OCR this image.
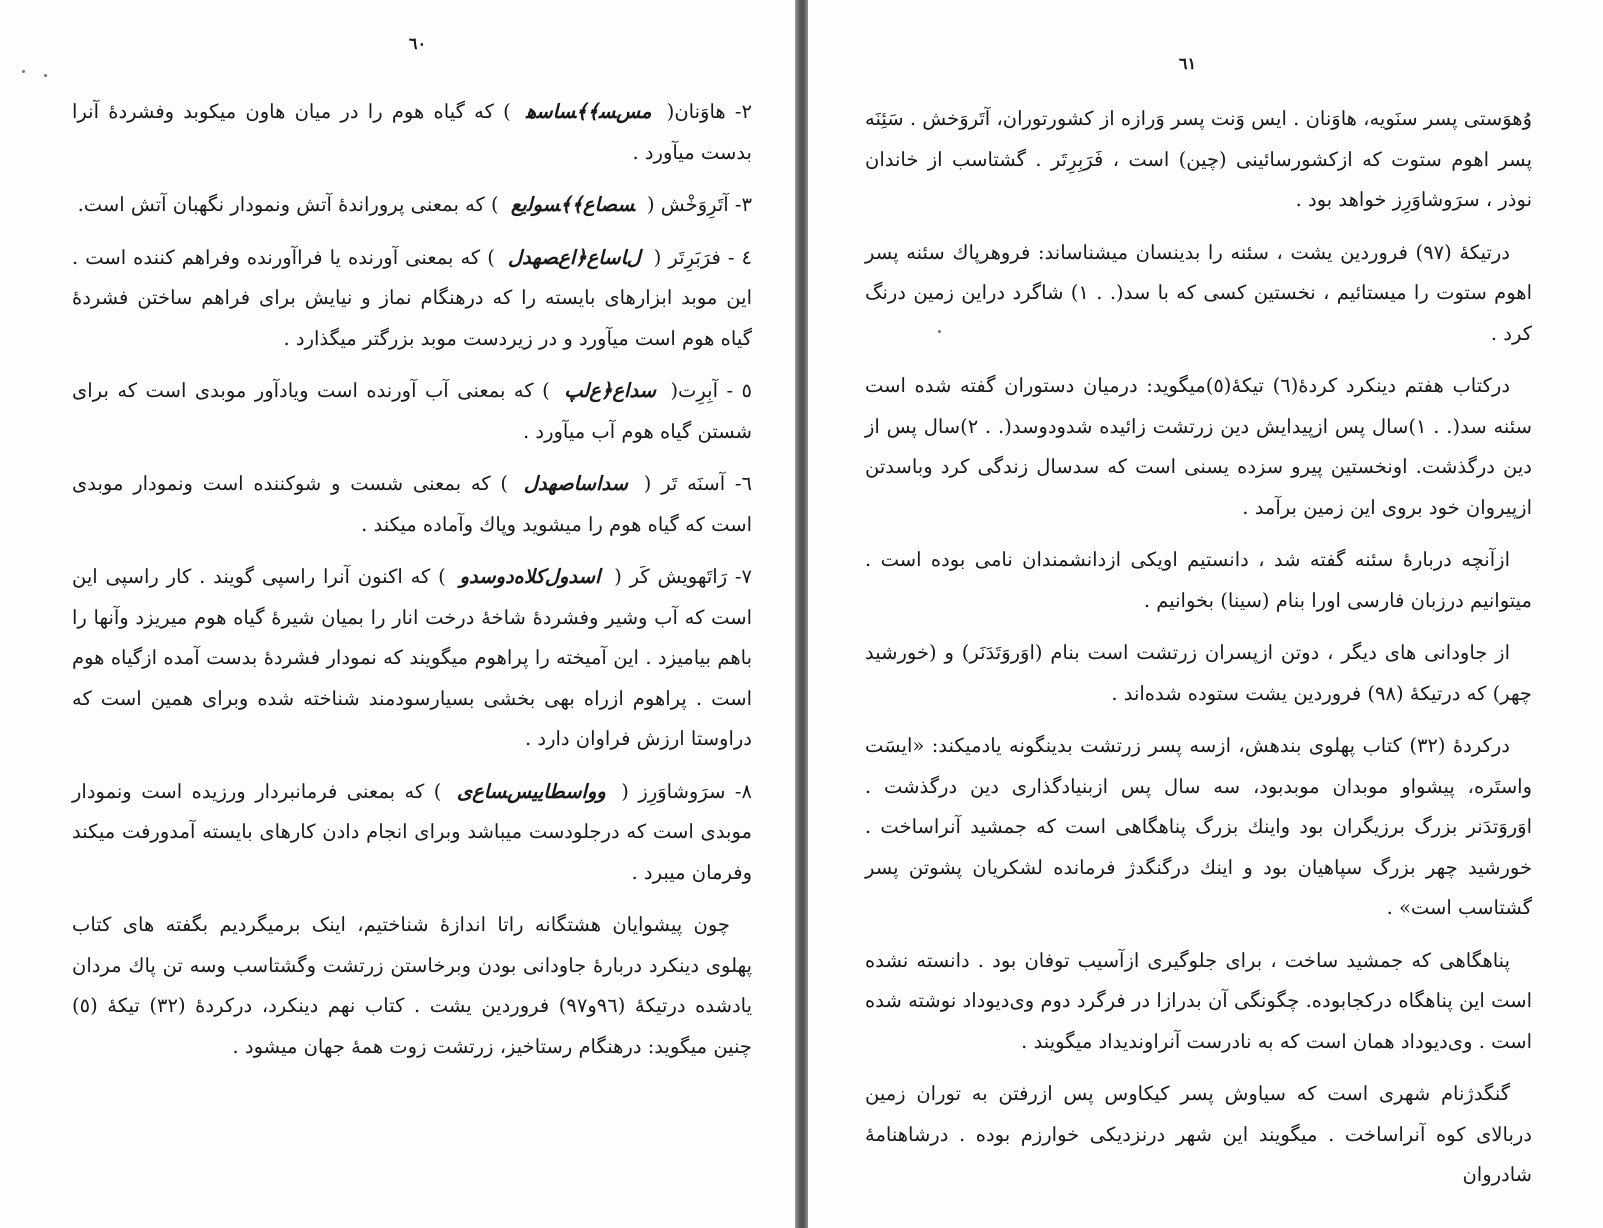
٦٠

٢- هاوَنان( ﻣﺲﺴ﴾﴾ﺴﺎﺳﻫ ) که گیاه هوم را در میان هاون میکوبد وفشردهٔ آنرا بدست میآورد .

٣- آتَرِوَخْش ( ﺴﺼﺎﻉ﴾﴾ﺴﻮﻟﻳﻊ ) که بمعنی پروراندهٔ آتش ونمودار نگهبان آتش است.

٤ - فرَبَرِتَر ( ﻝﺎﺳﺎﻉ﴿ﺍﻉﺼﻬﺪﻝ ) که بمعنی آورنده یا فراآورنده وفراهم کننده است . این موبد ابزارهای بایسته را که درهنگام نماز و نیایش برای فراهم ساختن فشردهٔ گیاه هوم است میآورد و در زیردست موبد بزرگتر میگذارد .

٥ - آبِرِت( ﺳﺪﺍﻉ﴿ﻉﻟﭗ ) که بمعنی آب آورنده است ویادآور موبدی است که برای شستن گیاه هوم آب میآورد .

٦- آسنَه تَر ( ﺳﺪﺍﺳﺎﺻﻬﺪﻝ ) که بمعنی شست و شوکننده است ونمودار موبدی است که گیاه هوم را میشوید وپاك وآماده میکند .

٧- رَاتَهویش کَر ( ﺍﺳﺪﻭﻝﻛﻼﻩﺩﻭﺳﺪﻭ ) که اکنون آنرا راسپی گویند . کار راسپی این است که آب وشیر وفشردهٔ شاخهٔ درخت انار را بمیان شیرهٔ گیاه هوم میریزد وآنها را باهم بیامیزد . این آمیخته را پراهوم میگویند که نمودار فشردهٔ بدست آمده ازگیاه هوم است . پراهوم ازراه بهی بخشی بسیارسودمند شناخته شده وبرای همین است که دراوستا ارزش فراوان دارد .

٨- سرَوشاوَرِز ( ﻭﻭﺍﺳﻄﺎﻳﻴﺲﺴﺎﻉﻯ ) که بمعنی فرمانبردار ورزیده است ونمودار موبدی است که درجلودست میباشد وبرای انجام دادن کارهای بایسته آمدورفت میکند وفرمان میبرد .

چون پیشوایان هشتگانه راتا اندازهٔ شناختیم، اینک برمیگردیم بگفته های کتاب پهلوی دینکرد دربارهٔ جاودانی بودن وبرخاستن زرتشت وگشتاسب وسه تن پاك مردان یادشده درتیکهٔ (٩٦و٩٧) فروردین یشت . کتاب نهم دینکرد، درکردهٔ (٣٢) تیکهٔ (٥) چنین میگوید: درهنگام رستاخیز، زرتشت زوت همهٔ جهان میشود .

٦١

وُهوَستی پسر سنَویه، هاوَنان . ایس وَنت پسر وَرازه از کشورتوران، آتَروَخش . سَئِنَه پسر اهوم ستوت که ازکشورسائینی (چین) است ، فَرَبِرِتَر . گشتاسب از خاندان نوذر ، سرَوشاوَرِز خواهد بود .

درتیکهٔ (٩٧) فروردین یشت ، سئنه را بدینسان میشناساند: فروهرپاك سئنه پسر اهوم ستوت را میستائیم ، نخستین کسی که با سد(. . ١) شاگرد دراین زمین درنگ کرد .

درکتاب هفتم دینکرد کردهٔ(٦) تیکهٔ(٥)میگوید: درمیان دستوران گفته شده است سئنه سد(. . ١)سال پس ازپیدایش دین زرتشت زائیده شدودوسد(. . ٢)سال پس از دین درگذشت. اونخستین پیرو سزده یسنی است که سدسال زندگی کرد وباسدتن ازپیروان خود بروی این زمین برآمد .

ازآنچه دربارهٔ سئنه گفته شد ، دانستیم اویکی ازدانشمندان نامی بوده است . میتوانیم درزبان فارسی اورا بنام (سینا) بخوانیم .

از جاودانی های دیگر ، دوتن ازپسران زرتشت است بنام (اوَروَتَدَنَر) و (خورشید چهر) که درتیکهٔ (٩٨) فروردین یشت ستوده شده‌اند .

درکردهٔ (٣٢) کتاب پهلوی بندهش، ازسه پسر زرتشت بدینگونه یادمیکند: «ایسَت واستَره، پیشواو موبدان موبدبود، سه سال پس ازبنیادگذاری دین درگذشت . اوَروَتدَنر بزرگ برزیگران بود واینك بزرگ پناهگاهی است که جمشید آنراساخت . خورشید چهر بزرگ سپاهیان بود و اینك درگنگدژ فرمانده لشکریان پشوتن پسر گشتاسب است» .

پناهگاهی که جمشید ساخت ، برای جلوگیری ازآسیب توفان بود . دانسته نشده است این پناهگاه درکجابوده. چگونگی آن بدرازا در فرگرد دوم وی‌دیوداد نوشته شده است . وی‌دیوداد همان است که به نادرست آنراوندیداد میگویند .

گنگدژنام شهری است که سیاوش پسر کیکاوس پس ازرفتن به توران زمین دربالای کوه آنراساخت . میگویند این شهر درنزدیکی خوارزم بوده . درشاهنامهٔ شادروان
